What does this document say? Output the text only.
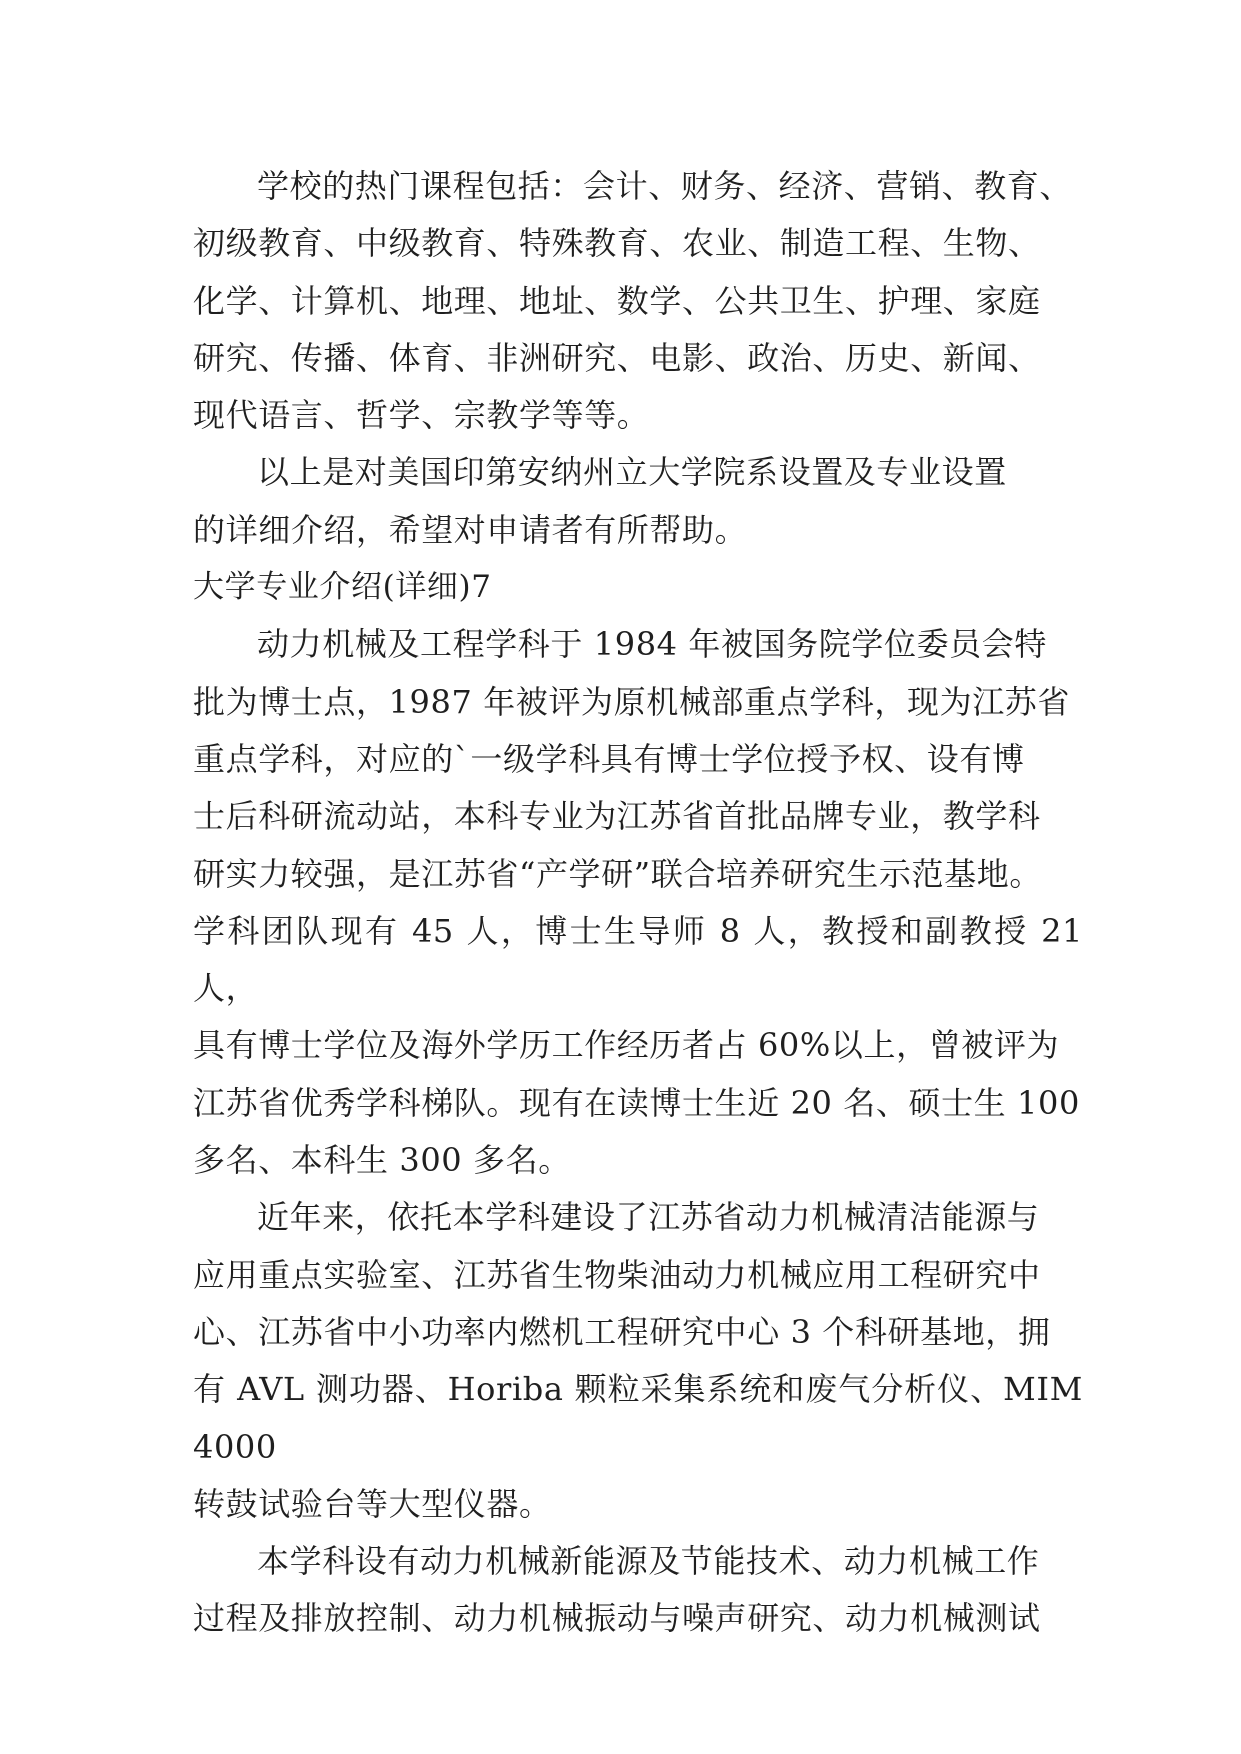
学校的热门课程包括：会计、财务、经济、营销、教育、
初级教育、中级教育、特殊教育、农业、制造工程、生物、
化学、计算机、地理、地址、数学、公共卫生、护理、家庭
研究、传播、体育、非洲研究、电影、政治、历史、新闻、
现代语言、哲学、宗教学等等。
以上是对美国印第安纳州立大学院系设置及专业设置
的详细介绍，希望对申请者有所帮助。
大学专业介绍(详细)7
动力机械及工程学科于 1984 年被国务院学位委员会特
批为博士点，1987 年被评为原机械部重点学科，现为江苏省
重点学科，对应的`一级学科具有博士学位授予权、设有博
士后科研流动站，本科专业为江苏省首批品牌专业，教学科
研实力较强，是江苏省“产学研”联合培养研究生示范基地。
学科团队现有 45 人，博士生导师 8 人，教授和副教授 21 人，
具有博士学位及海外学历工作经历者占 60%以上，曾被评为
江苏省优秀学科梯队。现有在读博士生近 20 名、硕士生 100
多名、本科生 300 多名。
近年来，依托本学科建设了江苏省动力机械清洁能源与
应用重点实验室、江苏省生物柴油动力机械应用工程研究中
心、江苏省中小功率内燃机工程研究中心 3 个科研基地，拥
有 AVL 测功器、Horiba 颗粒采集系统和废气分析仪、MIM4000
转鼓试验台等大型仪器。
本学科设有动力机械新能源及节能技术、动力机械工作
过程及排放控制、动力机械振动与噪声研究、动力机械测试
